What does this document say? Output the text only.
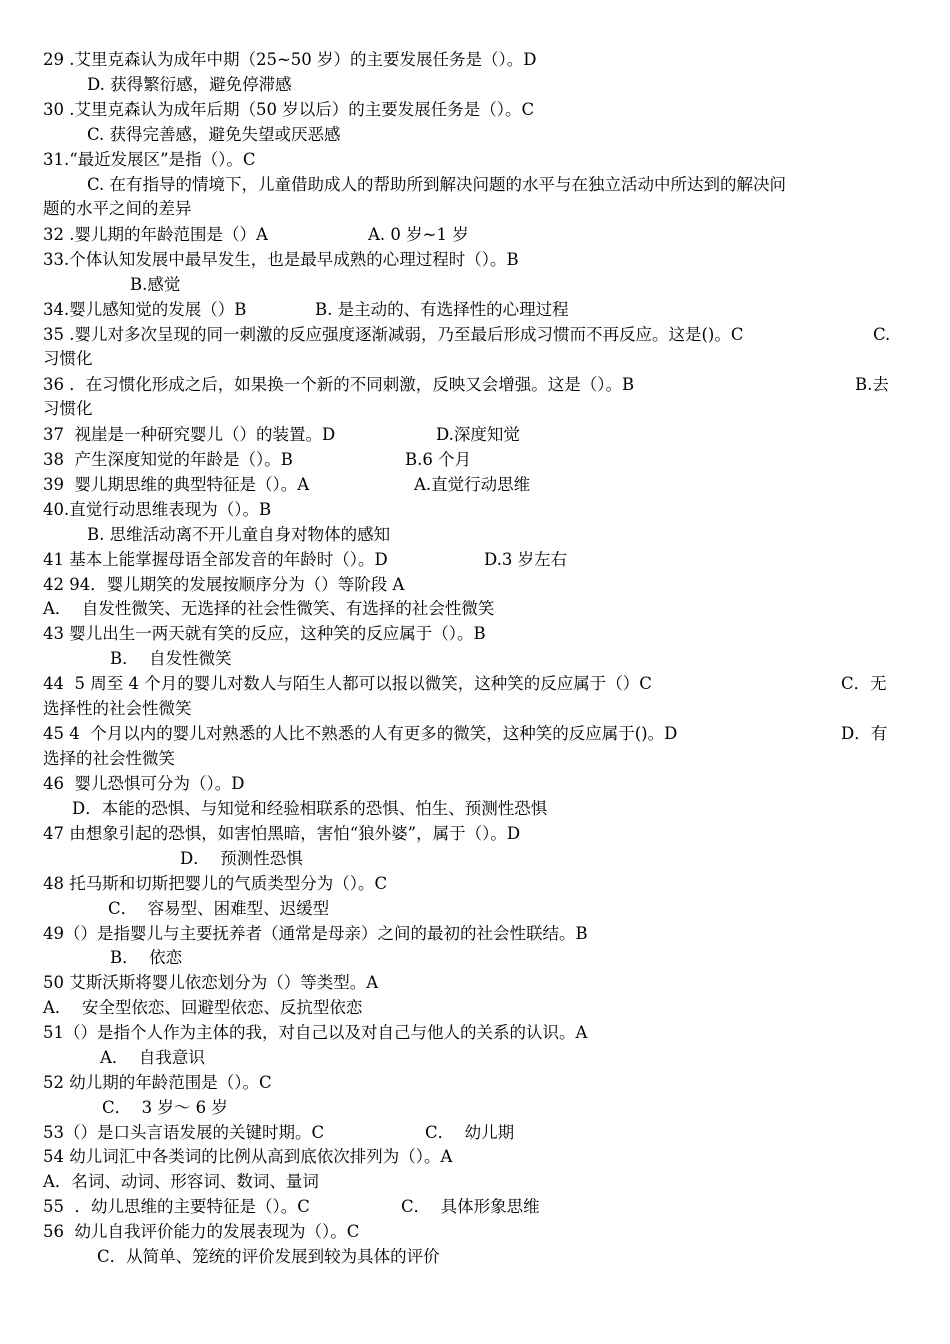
29 .艾里克森认为成年中期（25~50 岁）的主要发展任务是（）。D
D. 获得繁衍感，避免停滞感
30 .艾里克森认为成年后期（50 岁以后）的主要发展任务是（）。C
C. 获得完善感，避免失望或厌恶感
31.“最近发展区”是指（）。C
C. 在有指导的情境下，儿童借助成人的帮助所到解决问题的水平与在独立活动中所达到的解决问
题的水平之间的差异
32 .婴儿期的年龄范围是（）A	A. 0 岁~1 岁
33.个体认知发展中最早发生，也是最早成熟的心理过程时（）。B
B.感觉
34.婴儿感知觉的发展（）B	B. 是主动的、有选择性的心理过程
35 .婴儿对多次呈现的同一刺激的反应强度逐渐减弱，乃至最后形成习惯而不再反应。这是()。C	C.
习惯化
36 ．在习惯化形成之后，如果换一个新的不同刺激，反映又会增强。这是（）。B	B.去
习惯化
37  视崖是一种研究婴儿（）的装置。D	D.深度知觉
38  产生深度知觉的年龄是（）。B	B.6 个月
39  婴儿期思维的典型特征是（）。A	A.直觉行动思维
40.直觉行动思维表现为（）。B
B. 思维活动离不开儿童自身对物体的感知
41 基本上能掌握母语全部发音的年龄时（）。D	D.3 岁左右
42 94．婴儿期笑的发展按顺序分为（）等阶段 A
A．  自发性微笑、无选择的社会性微笑、有选择的社会性微笑
43 婴儿出生一两天就有笑的反应，这种笑的反应属于（）。B
B．  自发性微笑
44  5 周至 4 个月的婴儿对数人与陌生人都可以报以微笑，这种笑的反应属于（）C	C．无
选择性的社会性微笑
45 4  个月以内的婴儿对熟悉的人比不熟悉的人有更多的微笑，这种笑的反应属于()。D	D．有
选择的社会性微笑
46  婴儿恐惧可分为（）。D
D．本能的恐惧、与知觉和经验相联系的恐惧、怕生、预测性恐惧
47 由想象引起的恐惧，如害怕黑暗，害怕“狼外婆”，属于（）。D
D．  预测性恐惧
48 托马斯和切斯把婴儿的气质类型分为（）。C
C．  容易型、困难型、迟缓型
49（）是指婴儿与主要抚养者（通常是母亲）之间的最初的社会性联结。B
B．  依恋
50 艾斯沃斯将婴儿依恋划分为（）等类型。A
A．  安全型依恋、回避型依恋、反抗型依恋
51（）是指个人作为主体的我，对自己以及对自己与他人的关系的认识。A
A．  自我意识
52 幼儿期的年龄范围是（）。C
C．  3 岁～ 6 岁
53（）是口头言语发展的关键时期。C	C．  幼儿期
54 幼儿词汇中各类词的比例从高到底依次排列为（）。A
A．名词、动词、形容词、数词、量词
55  ．幼儿思维的主要特征是（）。C	C．  具体形象思维
56  幼儿自我评价能力的发展表现为（）。C
C．从简单、笼统的评价发展到较为具体的评价
